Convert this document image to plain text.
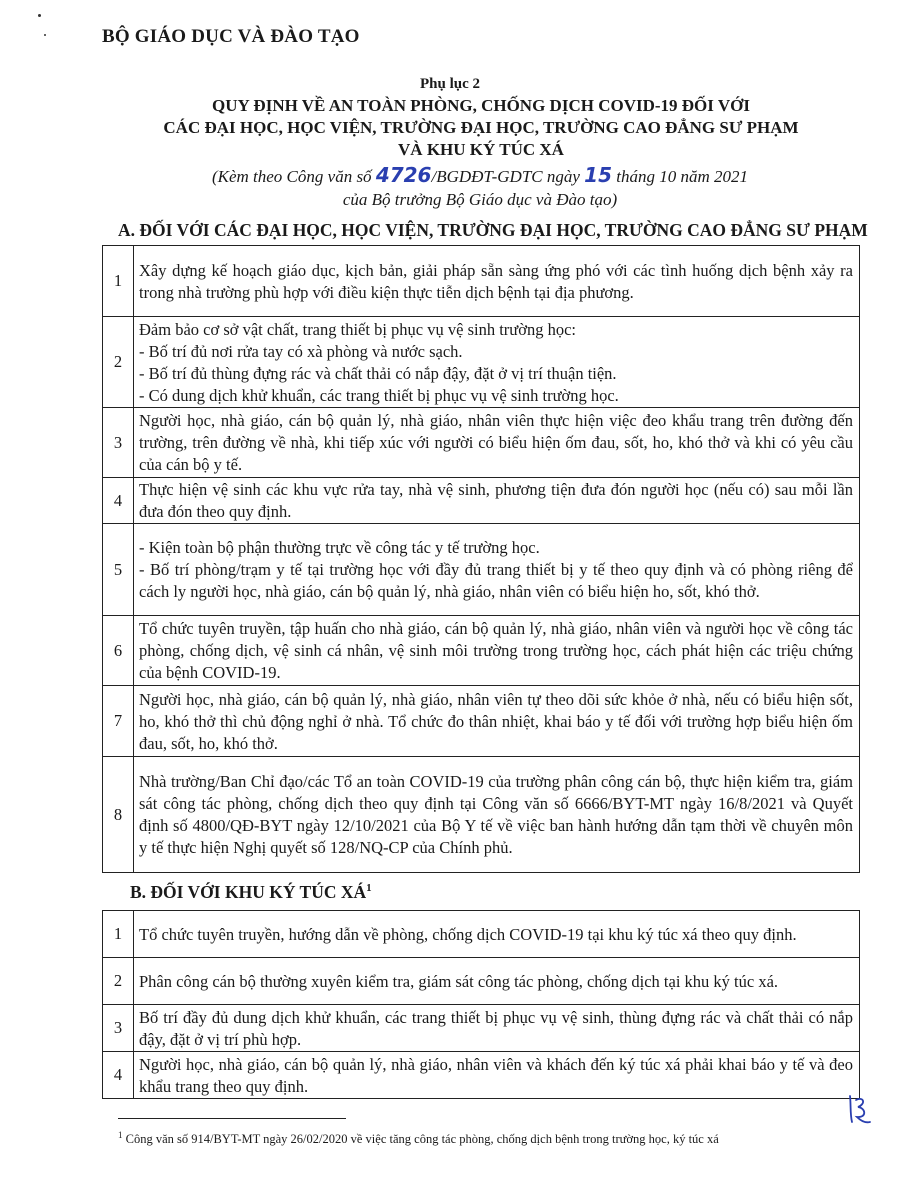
BỘ GIÁO DỤC VÀ ĐÀO TẠO
Phụ lục 2
QUY ĐỊNH VỀ AN TOÀN PHÒNG, CHỐNG DỊCH COVID-19 ĐỐI VỚI
CÁC ĐẠI HỌC, HỌC VIỆN, TRƯỜNG ĐẠI HỌC, TRƯỜNG CAO ĐẲNG SƯ PHẠM
VÀ KHU KÝ TÚC XÁ
(Kèm theo Công văn số 4726/BGDĐT-GDTC ngày 15 tháng 10 năm 2021
của Bộ trưởng Bộ Giáo dục và Đào tạo)
A. ĐỐI VỚI CÁC ĐẠI HỌC, HỌC VIỆN, TRƯỜNG ĐẠI HỌC, TRƯỜNG CAO ĐẲNG SƯ PHẠM
1	Xây dựng kế hoạch giáo dục, kịch bản, giải pháp sẵn sàng ứng phó với các tình huống dịch bệnh xảy ra trong nhà trường phù hợp với điều kiện thực tiễn dịch bệnh tại địa phương.

2	Đảm bảo cơ sở vật chất, trang thiết bị phục vụ vệ sinh trường học:
- Bố trí đủ nơi rửa tay có xà phòng và nước sạch.
- Bố trí đủ thùng đựng rác và chất thải có nắp đậy, đặt ở vị trí thuận tiện.
- Có dung dịch khử khuẩn, các trang thiết bị phục vụ vệ sinh trường học.

3	Người học, nhà giáo, cán bộ quản lý, nhà giáo, nhân viên thực hiện việc đeo khẩu trang trên đường đến trường, trên đường về nhà, khi tiếp xúc với người có biểu hiện ốm đau, sốt, ho, khó thở và khi có yêu cầu của cán bộ y tế.

4	Thực hiện vệ sinh các khu vực rửa tay, nhà vệ sinh, phương tiện đưa đón người học (nếu có) sau mỗi lần đưa đón theo quy định.

5	- Kiện toàn bộ phận thường trực về công tác y tế trường học.
- Bố trí phòng/trạm y tế tại trường học với đầy đủ trang thiết bị y tế theo quy định và có phòng riêng để cách ly người học, nhà giáo, cán bộ quản lý, nhà giáo, nhân viên có biểu hiện ho, sốt, khó thở.

6	Tổ chức tuyên truyền, tập huấn cho nhà giáo, cán bộ quản lý, nhà giáo, nhân viên và người học về công tác phòng, chống dịch, vệ sinh cá nhân, vệ sinh môi trường trong trường học, cách phát hiện các triệu chứng của bệnh COVID-19.

7	Người học, nhà giáo, cán bộ quản lý, nhà giáo, nhân viên tự theo dõi sức khỏe ở nhà, nếu có biểu hiện sốt, ho, khó thở thì chủ động nghỉ ở nhà. Tổ chức đo thân nhiệt, khai báo y tế đối với trường hợp biểu hiện ốm đau, sốt, ho, khó thở.

8	Nhà trường/Ban Chỉ đạo/các Tổ an toàn COVID-19 của trường phân công cán bộ, thực hiện kiểm tra, giám sát công tác phòng, chống dịch theo quy định tại Công văn số 6666/BYT-MT ngày 16/8/2021 và Quyết định số 4800/QĐ-BYT ngày 12/10/2021 của Bộ Y tế về việc ban hành hướng dẫn tạm thời về chuyên môn y tế thực hiện Nghị quyết số 128/NQ-CP của Chính phủ.
B. ĐỐI VỚI KHU KÝ TÚC $XÁ^1$
1	Tổ chức tuyên truyền, hướng dẫn về phòng, chống dịch COVID-19 tại khu ký túc xá theo quy định.

2	Phân công cán bộ thường xuyên kiểm tra, giám sát công tác phòng, chống dịch tại khu ký túc xá.

3	Bố trí đầy đủ dung dịch khử khuẩn, các trang thiết bị phục vụ vệ sinh, thùng đựng rác và chất thải có nắp đậy, đặt ở vị trí phù hợp.

4	Người học, nhà giáo, cán bộ quản lý, nhà giáo, nhân viên và khách đến ký túc xá phải khai báo y tế và đeo khẩu trang theo quy định.
$^1$ Công văn số 914/BYT-MT ngày 26/02/2020 về việc tăng công tác phòng, chống dịch bệnh trong trường học, ký túc xá
